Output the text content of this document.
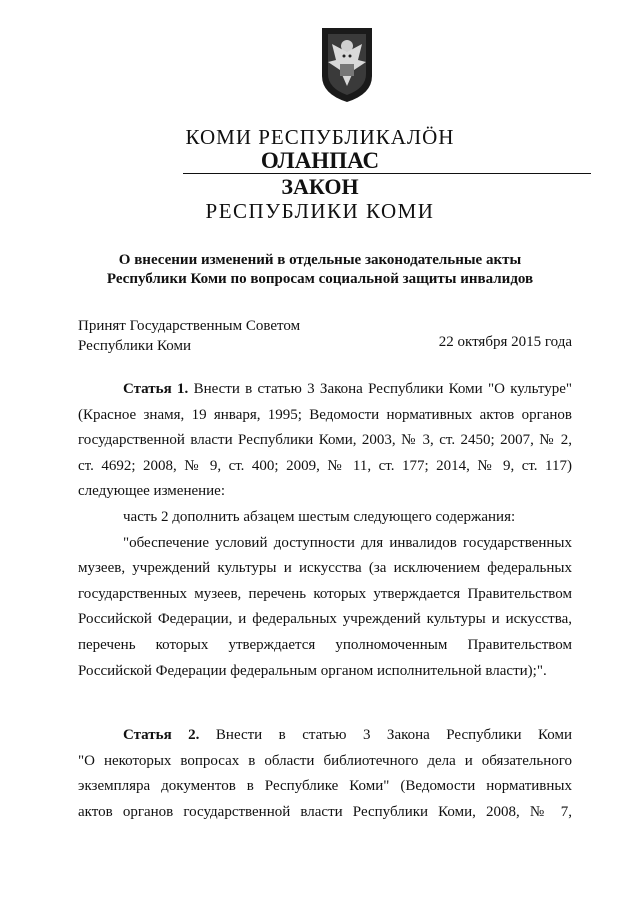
КОМИ РЕСПУБЛИКАЛӦН
ОЛАНПАС
ЗАКОН
РЕСПУБЛИКИ КОМИ
О внесении изменений в отдельные законодательные акты
Республики Коми по вопросам социальной защиты инвалидов
Принят Государственным Советом
Республики Коми	22 октября 2015 года
Статья 1. Внести в статью 3 Закона Республики Коми "О культуре"
(Красное знамя, 19 января, 1995; Ведомости нормативных актов органов
государственной власти Республики Коми, 2003, № 3, ст. 2450; 2007, № 2,
ст. 4692; 2008, № 9, ст. 400; 2009, № 11, ст. 177; 2014, № 9, ст. 117)
следующее изменение:
часть 2 дополнить абзацем шестым следующего содержания:
"обеспечение условий доступности для инвалидов государственных
музеев, учреждений культуры и искусства (за исключением федеральных
государственных музеев, перечень которых утверждается Правительством
Российской Федерации, и федеральных учреждений культуры и искусства,
перечень которых утверждается уполномоченным Правительством
Российской Федерации федеральным органом исполнительной власти);".
Статья 2. Внести в статью 3 Закона Республики Коми
"О некоторых вопросах в области библиотечного дела и обязательного
экземпляра документов в Республике Коми" (Ведомости нормативных
актов органов государственной власти Республики Коми, 2008, № 7,
